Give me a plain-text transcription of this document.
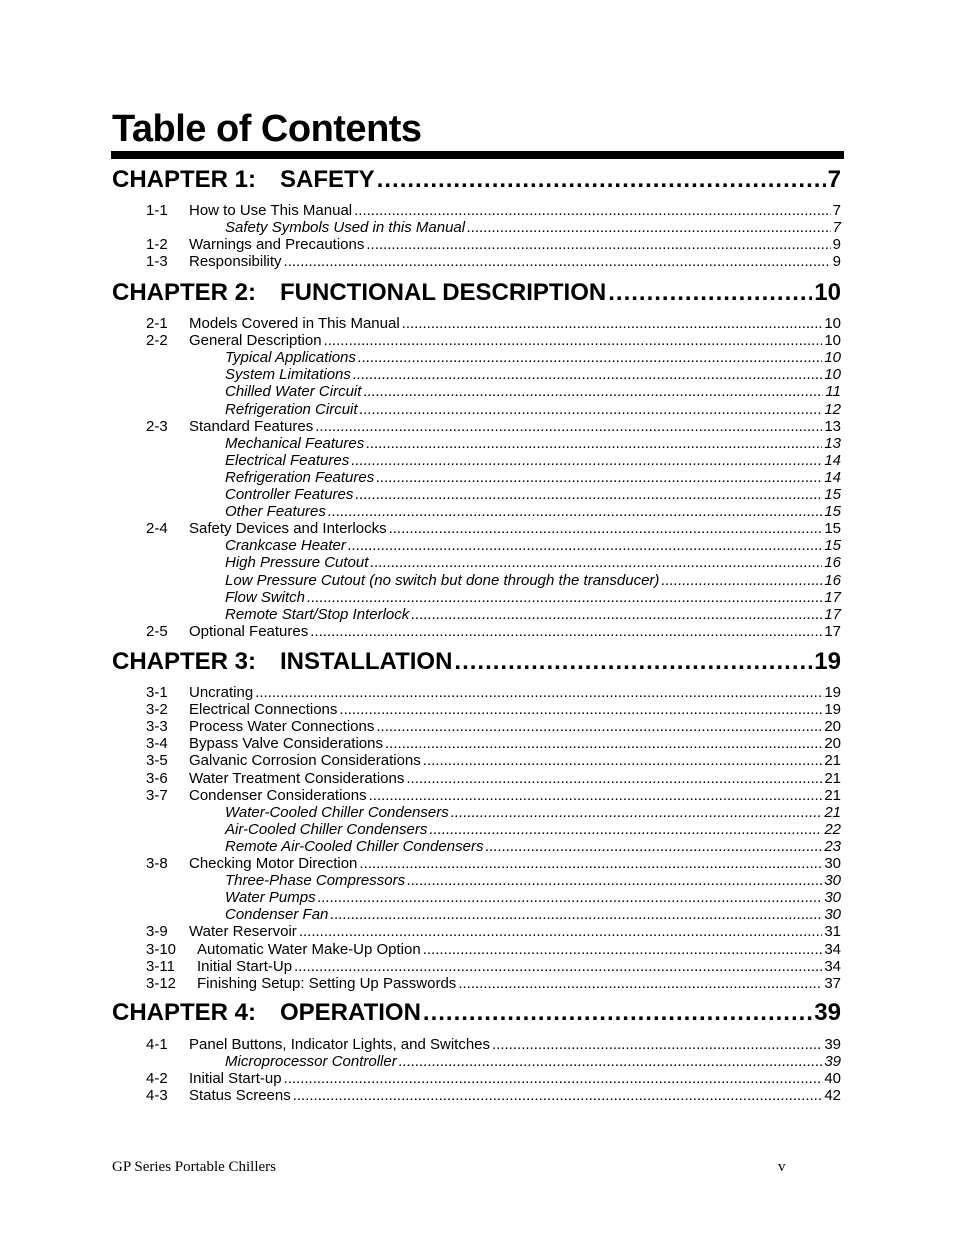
Table of Contents
CHAPTER 1: SAFETY .....	7
1-1	How to Use This Manual .....	7
Safety Symbols Used in this Manual .....	7
1-2	Warnings and Precautions .....	9
1-3	Responsibility .....	9
CHAPTER 2: FUNCTIONAL DESCRIPTION .....	10
2-1	Models Covered in This Manual .....	10
2-2	General Description .....	10
Typical Applications .....	10
System Limitations .....	10
Chilled Water Circuit .....	11
Refrigeration Circuit .....	12
2-3	Standard Features .....	13
Mechanical Features .....	13
Electrical Features .....	14
Refrigeration Features .....	14
Controller Features .....	15
Other Features .....	15
2-4	Safety Devices and Interlocks .....	15
Crankcase Heater .....	15
High Pressure Cutout .....	16
Low Pressure Cutout (no switch but done through the transducer) .....	16
Flow Switch .....	17
Remote Start/Stop Interlock .....	17
2-5	Optional Features .....	17
CHAPTER 3: INSTALLATION .....	19
3-1	Uncrating .....	19
3-2	Electrical Connections .....	19
3-3	Process Water Connections .....	20
3-4	Bypass Valve Considerations .....	20
3-5	Galvanic Corrosion Considerations .....	21
3-6	Water Treatment Considerations .....	21
3-7	Condenser Considerations .....	21
Water-Cooled Chiller Condensers .....	21
Air-Cooled Chiller Condensers .....	22
Remote Air-Cooled Chiller Condensers .....	23
3-8	Checking Motor Direction .....	30
Three-Phase Compressors .....	30
Water Pumps .....	30
Condenser Fan .....	30
3-9	Water Reservoir .....	31
3-10	Automatic Water Make-Up Option .....	34
3-11	Initial Start-Up .....	34
3-12	Finishing Setup: Setting Up Passwords .....	37
CHAPTER 4: OPERATION .....	39
4-1	Panel Buttons, Indicator Lights, and Switches .....	39
Microprocessor Controller .....	39
4-2	Initial Start-up .....	40
4-3	Status Screens .....	42
GP Series Portable Chillers	v
